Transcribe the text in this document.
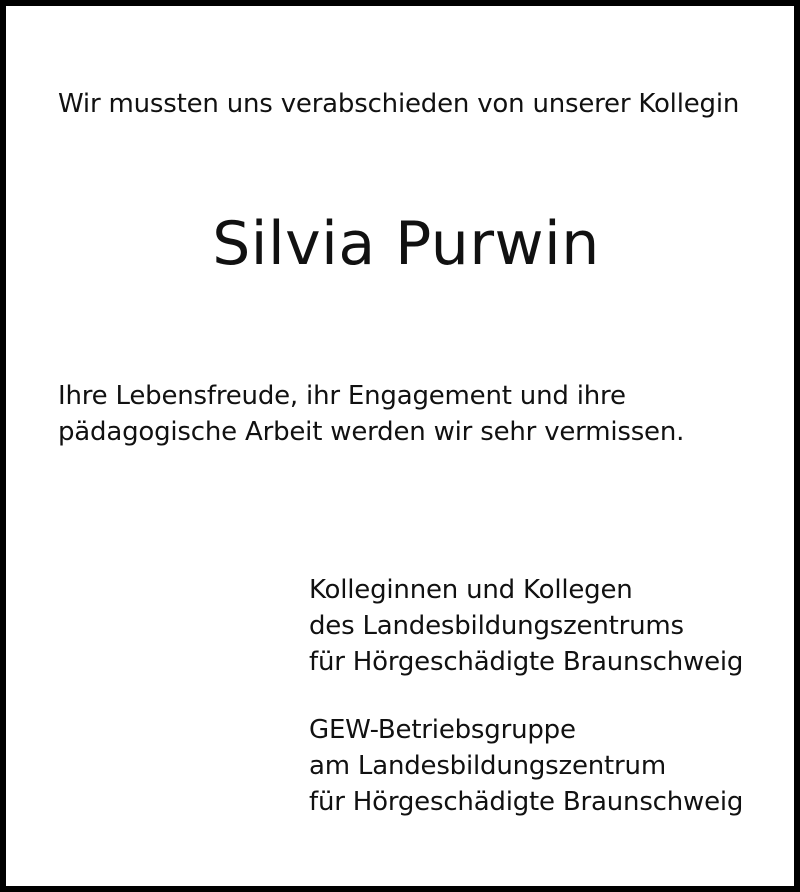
Wir mussten uns verabschieden von unserer Kollegin
Silvia Purwin
Ihre Lebensfreude, ihr Engagement und ihre
pädagogische Arbeit werden wir sehr vermissen.
Kolleginnen und Kollegen
des Landesbildungszentrums
für Hörgeschädigte Braunschweig
GEW-Betriebsgruppe
am Landesbildungszentrum
für Hörgeschädigte Braunschweig
